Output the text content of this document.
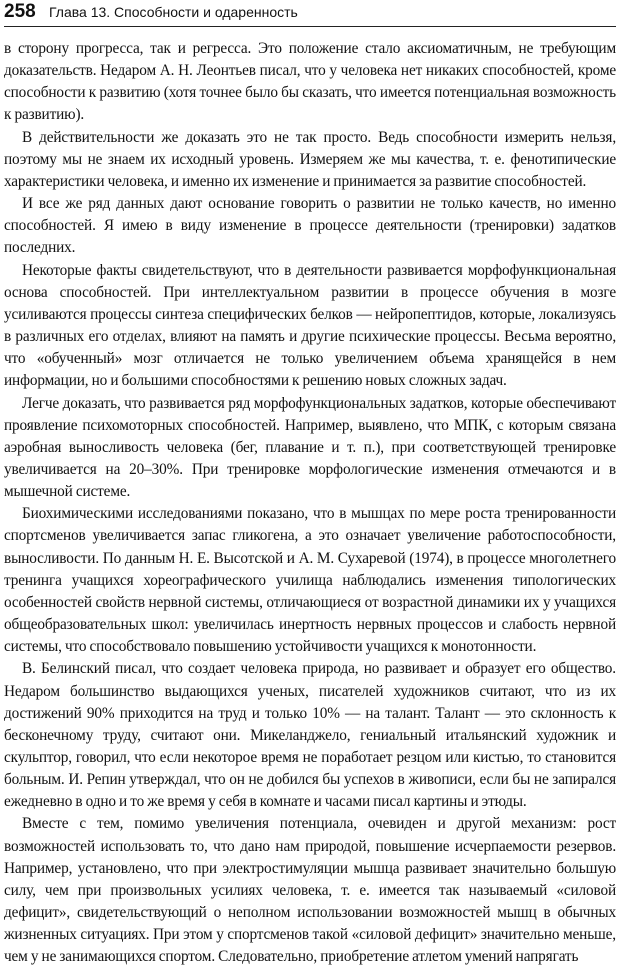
258 Глава 13. Способности и одаренность

в сторону прогресса, так и регресса. Это положение стало аксиоматичным, не требующим доказательств. Недаром А. Н. Леонтьев писал, что у человека нет никаких способностей, кроме способности к развитию (хотя точнее было бы сказать, что имеется потенциальная возможность к развитию).

В действительности же доказать это не так просто. Ведь способности измерить нельзя, поэтому мы не знаем их исходный уровень. Измеряем же мы качества, т. е. фенотипические характеристики человека, и именно их изменение и принимается за развитие способностей.

И все же ряд данных дают основание говорить о развитии не только качеств, но именно способностей. Я имею в виду изменение в процессе деятельности (тренировки) задатков последних.

Некоторые факты свидетельствуют, что в деятельности развивается морфофункциональная основа способностей. При интеллектуальном развитии в процессе обучения в мозге усиливаются процессы синтеза специфических белков — нейропептидов, которые, локализуясь в различных его отделах, влияют на память и другие психические процессы. Весьма вероятно, что «обученный» мозг отличается не только увеличением объема хранящейся в нем информации, но и большими способностями к решению новых сложных задач.

Легче доказать, что развивается ряд морфофункциональных задатков, которые обеспечивают проявление психомоторных способностей. Например, выявлено, что МПК, с которым связана аэробная выносливость человека (бег, плавание и т. п.), при соответствующей тренировке увеличивается на 20–30%. При тренировке морфологические изменения отмечаются и в мышечной системе.

Биохимическими исследованиями показано, что в мышцах по мере роста тренированности спортсменов увеличивается запас гликогена, а это означает увеличение работоспособности, выносливости. По данным Н. Е. Высотской и А. М. Сухаревой (1974), в процессе многолетнего тренинга учащихся хореографического училища наблюдались изменения типологических особенностей свойств нервной системы, отличающиеся от возрастной динамики их у учащихся общеобразовательных школ: увеличилась инертность нервных процессов и слабость нервной системы, что способствовало повышению устойчивости учащихся к монотонности.

В. Белинский писал, что создает человека природа, но развивает и образует его общество. Недаром большинство выдающихся ученых, писателей художников считают, что из их достижений 90% приходится на труд и только 10% — на талант. Талант — это склонность к бесконечному труду, считают они. Микеланджело, гениальный итальянский художник и скульптор, говорил, что если некоторое время не поработает резцом или кистью, то становится больным. И. Репин утверждал, что он не добился бы успехов в живописи, если бы не запирался ежедневно в одно и то же время у себя в комнате и часами писал картины и этюды.

Вместе с тем, помимо увеличения потенциала, очевиден и другой механизм: рост возможностей использовать то, что дано нам природой, повышение исчерпаемости резервов. Например, установлено, что при электростимуляции мышца развивает значительно большую силу, чем при произвольных усилиях человека, т. е. имеется так называемый «силовой дефицит», свидетельствующий о неполном использовании возможностей мышц в обычных жизненных ситуациях. При этом у спортсменов такой «силовой дефицит» значительно меньше, чем у не занимающихся спортом. Следовательно, приобретение атлетом умений напрягать
